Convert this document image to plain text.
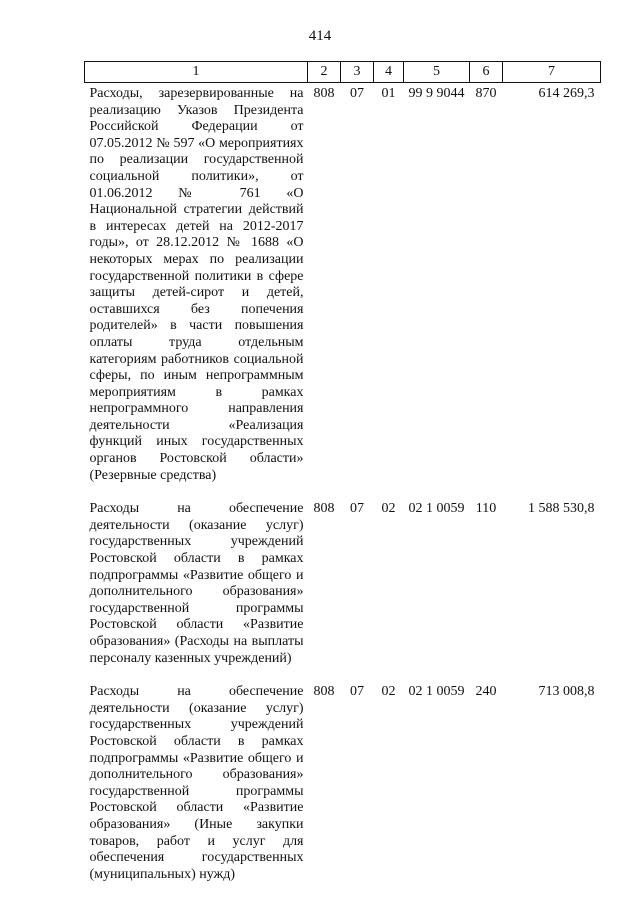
414
1	2	3	4	5	6	7
Расходы, зарезервированные на реализацию Указов Президента Российской Федерации от 07.05.2012 № 597 «О мероприятиях по реализации государственной социальной политики», от 01.06.2012 № 761 «О Национальной стратегии действий в интересах детей на 2012-2017 годы», от 28.12.2012 № 1688 «О некоторых мерах по реализации государственной политики в сфере защиты детей-сирот и детей, оставшихся без попечения родителей» в части повышения оплаты труда отдельным категориям работников социальной сферы, по иным непрограммным мероприятиям в рамках непрограммного направления деятельности «Реализация функций иных государственных органов Ростовской области» (Резервные средства)	808	07	01	99 9 9044	870	614 269,3
Расходы на обеспечение деятельности (оказание услуг) государственных учреждений Ростовской области в рамках подпрограммы «Развитие общего и дополнительного образования» государственной программы Ростовской области «Развитие образования» (Расходы на выплаты персоналу казенных учреждений)	808	07	02	02 1 0059	110	1 588 530,8
Расходы на обеспечение деятельности (оказание услуг) государственных учреждений Ростовской области в рамках подпрограммы «Развитие общего и дополнительного образования» государственной программы Ростовской области «Развитие образования» (Иные закупки товаров, работ и услуг для обеспечения государственных (муниципальных) нужд)	808	07	02	02 1 0059	240	713 008,8
